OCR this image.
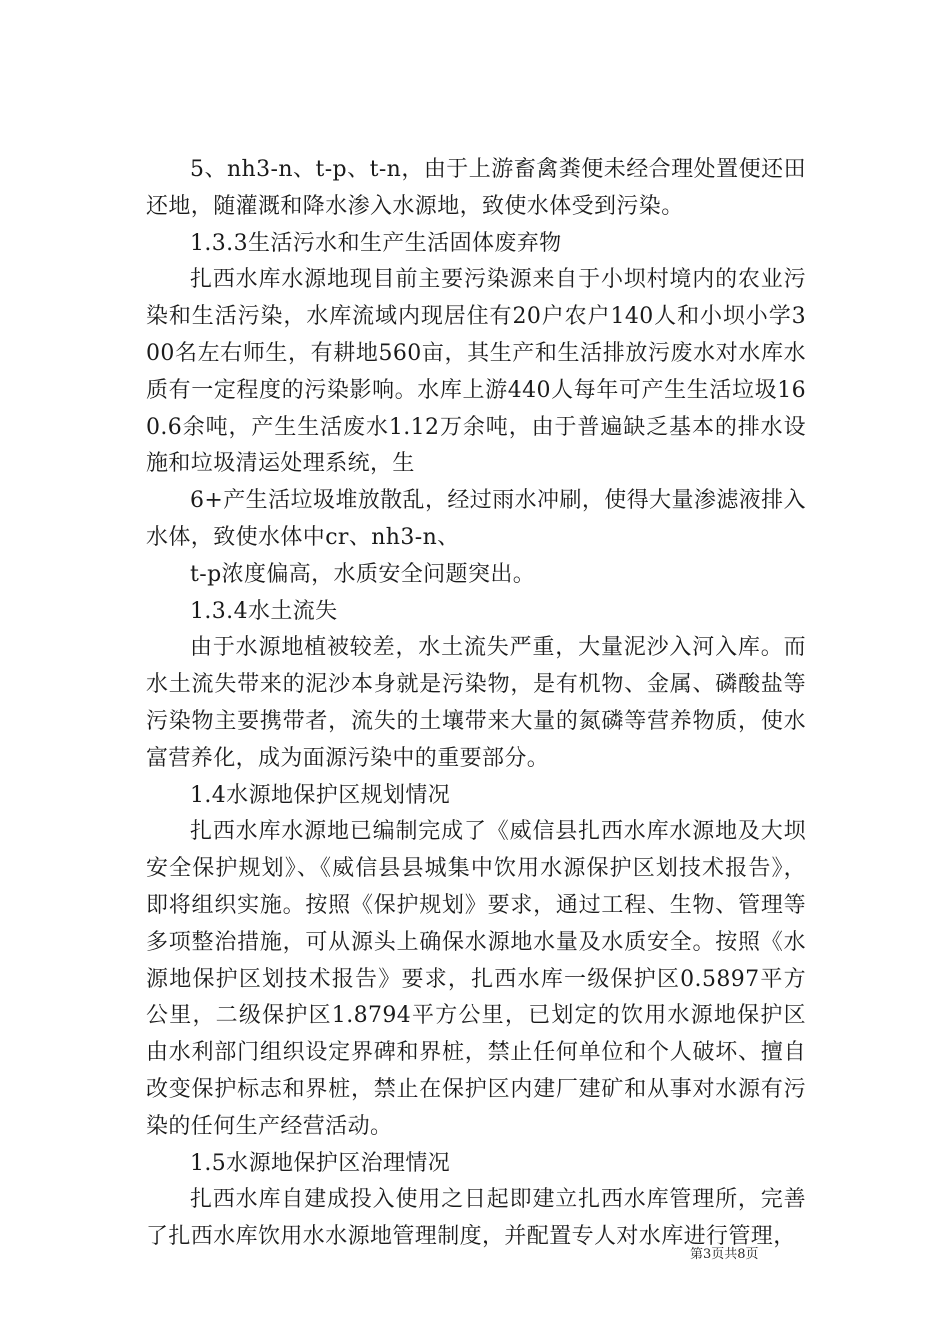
5、nh3-n、t-p、t-n，由于上游畜禽粪便未经合理处置便还田还地，随灌溉和降水渗入水源地，致使水体受到污染。

1.3.3生活污水和生产生活固体废弃物

扎西水库水源地现目前主要污染源来自于小坝村境内的农业污染和生活污染，水库流域内现居住有20户农户140人和小坝小学300名左右师生，有耕地560亩，其生产和生活排放污废水对水库水质有一定程度的污染影响。水库上游440人每年可产生生活垃圾160.6余吨，产生生活废水1.12万余吨，由于普遍缺乏基本的排水设施和垃圾清运处理系统，生

6+产生活垃圾堆放散乱，经过雨水冲刷，使得大量渗滤液排入水体，致使水体中cr、nh3-n、

t-p浓度偏高，水质安全问题突出。

1.3.4水土流失

由于水源地植被较差，水土流失严重，大量泥沙入河入库。而水土流失带来的泥沙本身就是污染物，是有机物、金属、磷酸盐等污染物主要携带者，流失的土壤带来大量的氮磷等营养物质，使水富营养化，成为面源污染中的重要部分。

1.4水源地保护区规划情况

扎西水库水源地已编制完成了《威信县扎西水库水源地及大坝安全保护规划》、《威信县县城集中饮用水源保护区划技术报告》，即将组织实施。按照《保护规划》要求，通过工程、生物、管理等多项整治措施，可从源头上确保水源地水量及水质安全。按照《水源地保护区划技术报告》要求，扎西水库一级保护区0.5897平方公里，二级保护区1.8794平方公里，已划定的饮用水源地保护区由水利部门组织设定界碑和界桩，禁止任何单位和个人破坏、擅自改变保护标志和界桩，禁止在保护区内建厂建矿和从事对水源有污染的任何生产经营活动。

1.5水源地保护区治理情况

扎西水库自建成投入使用之日起即建立扎西水库管理所，完善了扎西水库饮用水水源地管理制度，并配置专人对水库进行管理，

第3页共8页
